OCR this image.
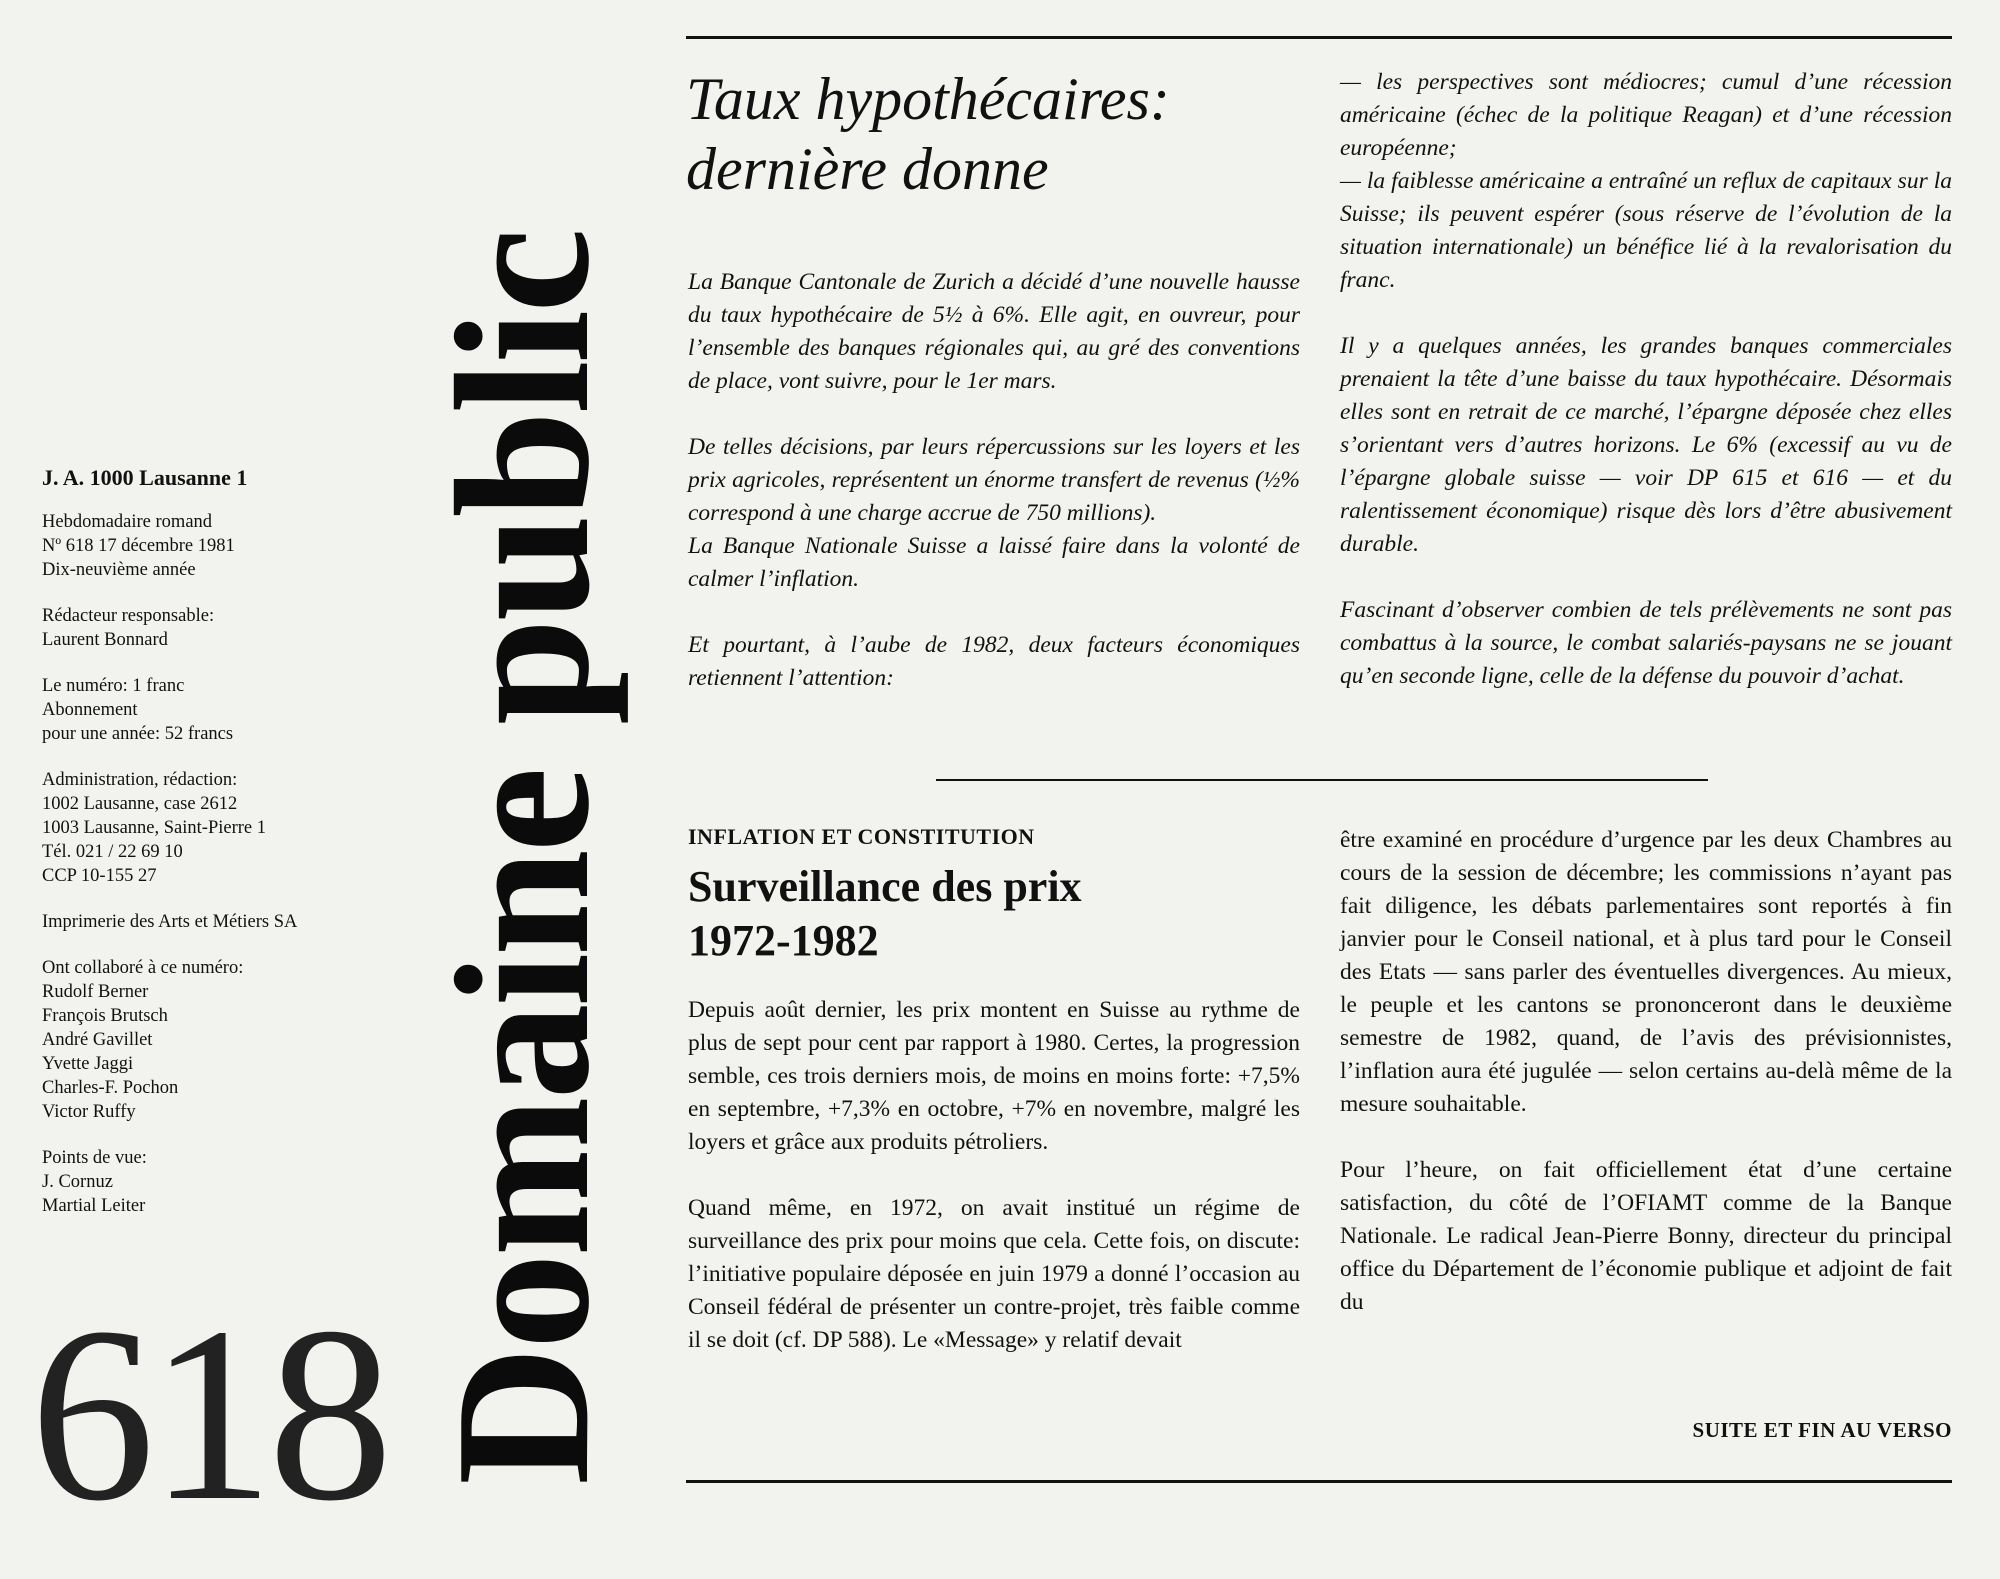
J. A. 1000 Lausanne 1
Hebdomadaire romand
Nº 618 17 décembre 1981
Dix-neuvième année
Rédacteur responsable:
Laurent Bonnard
Le numéro: 1 franc
Abonnement
pour une année: 52 francs
Administration, rédaction:
1002 Lausanne, case 2612
1003 Lausanne, Saint-Pierre 1
Tél. 021 / 22 69 10
CCP 10-155 27
Imprimerie des Arts et Métiers SA
Ont collaboré à ce numéro:
Rudolf Berner
François Brutsch
André Gavillet
Yvette Jaggi
Charles-F. Pochon
Victor Ruffy
Points de vue:
J. Cornuz
Martial Leiter
618 Domaine public
Taux hypothécaires:
dernière donne

La Banque Cantonale de Zurich a décidé d’une nouvelle hausse du taux hypothécaire de 5½ à 6%. Elle agit, en ouvreur, pour l’ensemble des banques régionales qui, au gré des conventions de place, vont suivre, pour le 1er mars.

De telles décisions, par leurs répercussions sur les loyers et les prix agricoles, représentent un énorme transfert de revenus (½% correspond à une charge accrue de 750 millions).

La Banque Nationale Suisse a laissé faire dans la volonté de calmer l’inflation.

Et pourtant, à l’aube de 1982, deux facteurs économiques retiennent l’attention:

— les perspectives sont médiocres; cumul d’une récession américaine (échec de la politique Reagan) et d’une récession européenne;

— la faiblesse américaine a entraîné un reflux de capitaux sur la Suisse; ils peuvent espérer (sous réserve de l’évolution de la situation internationale) un bénéfice lié à la revalorisation du franc.

Il y a quelques années, les grandes banques commerciales prenaient la tête d’une baisse du taux hypothécaire. Désormais elles sont en retrait de ce marché, l’épargne déposée chez elles s’orientant vers d’autres horizons. Le 6% (excessif au vu de l’épargne globale suisse — voir DP 615 et 616 — et du ralentissement économique) risque dès lors d’être abusivement durable.

Fascinant d’observer combien de tels prélèvements ne sont pas combattus à la source, le combat salariés-paysans ne se jouant qu’en seconde ligne, celle de la défense du pouvoir d’achat.

INFLATION ET CONSTITUTION
Surveillance des prix
1972-1982

Depuis août dernier, les prix montent en Suisse au rythme de plus de sept pour cent par rapport à 1980. Certes, la progression semble, ces trois derniers mois, de moins en moins forte: +7,5% en septembre, +7,3% en octobre, +7% en novembre, malgré les loyers et grâce aux produits pétroliers.

Quand même, en 1972, on avait institué un régime de surveillance des prix pour moins que cela. Cette fois, on discute: l’initiative populaire déposée en juin 1979 a donné l’occasion au Conseil fédéral de présenter un contre-projet, très faible comme il se doit (cf. DP 588). Le «Message» y relatif devait

être examiné en procédure d’urgence par les deux Chambres au cours de la session de décembre; les commissions n’ayant pas fait diligence, les débats parlementaires sont reportés à fin janvier pour le Conseil national, et à plus tard pour le Conseil des Etats — sans parler des éventuelles divergences. Au mieux, le peuple et les cantons se prononceront dans le deuxième semestre de 1982, quand, de l’avis des prévisionnistes, l’inflation aura été jugulée — selon certains au-delà même de la mesure souhaitable.

Pour l’heure, on fait officiellement état d’une certaine satisfaction, du côté de l’OFIAMT comme de la Banque Nationale. Le radical Jean-Pierre Bonny, directeur du principal office du Département de l’économie publique et adjoint de fait du

SUITE ET FIN AU VERSO
